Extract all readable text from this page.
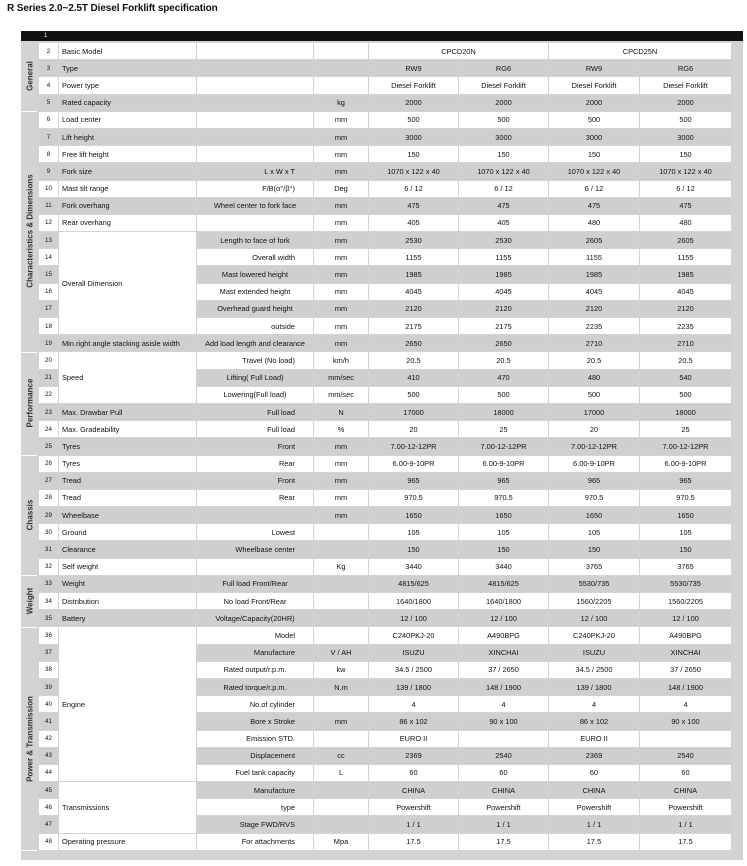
R Series 2.0~2.5T Diesel Forklift specification
1
General
Characteristics & Dimensions
Performance
Chassis
Weight
Power & Transmission
2	Basic Model			CPCD20N		CPCD25N	
3	Type			RW9	RG6	RW9	RG6
4	Power type			Diesel Forklift	Diesel Forklift	Diesel Forklift	Diesel Forklift
5	Rated capacity		kg	2000	2000	2000	2000
6	Load center		mm	500	500	500	500
7	Lift height		mm	3000	3000	3000	3000
8	Free lift height		mm	150	150	150	150
9	Fork size	L x W x T	mm	1070 x 122 x 40	1070 x 122 x 40	1070 x 122 x 40	1070 x 122 x 40
10	Mast tilt range	F/B(α°/β°)	Deg	6 / 12	6 / 12	6 / 12	6 / 12
11	Fork overhang	Wheel center to fork face	mm	475	475	475	475
12	Rear overhang		mm	405	405	480	480
13	Overall Dimension	Length to face of fork	mm	2530	2530	2605	2605
14		Overall width	mm	1155	1155	1155	1155
15		Mast lowered height	mm	1985	1985	1985	1985
16		Mast extended height	mm	4045	4045	4045	4045
17		Overhead guard height	mm	2120	2120	2120	2120
18		outside	mm	2175	2175	2235	2235
19	Min.right angle stacking asisle width	Add load length and clearance	mm	2650	2650	2710	2710
20	Speed	Travel (No load)	km/h	20.5	20.5	20.5	20.5
21		Lifting( Full Load)	mm/sec	410	470	480	540
22		Lowering(Full load)	mm/sec	500	500	500	500
23	Max. Drawbar Pull	Full load	N	17000	18000	17000	18000
24	Max. Gradeability	Full load	%	20	25	20	25
25	Tyres	Front	mm	7.00-12-12PR	7.00-12-12PR	7.00-12-12PR	7.00-12-12PR
26	Tyres	Rear	mm	6.00-9-10PR	6.00-9-10PR	6.00-9-10PR	6.00-9-10PR
27	Tread	Front	mm	965	965	965	965
28	Tread	Rear	mm	970.5	970.5	970.5	970.5
29	Wheelbase		mm	1650	1650	1650	1650
30	Ground	Lowest		105	105	105	105
31	Clearance	Wheelbase center		150	150	150	150
32	Self weight		Kg	3440	3440	3765	3765
33	Weight	Full load Front/Rear		4815/625	4815/625	5530/735	5530/735
34	Distribution	No load Front/Rear		1640/1800	1640/1800	1560/2205	1560/2205
35	Battery	Voltage/Capacity(20HR)		12 / 100	12 / 100	12 / 100	12 / 100
36	Engine	Model		C240PKJ-20	A490BPG	C240PKJ-20	A490BPG
37		Manufacture	V / AH	ISUZU	XINCHAI	ISUZU	XINCHAI
38		Rated output/r.p.m.	kw	34.5 / 2500	37 / 2650	34.5 / 2500	37 / 2650
39		Rated torque/r.p.m.	N.m	139 / 1800	148 / 1900	139 / 1800	148 / 1900
40		No.of cylinder		4	4	4	4
41		Bore x Stroke	mm	86 x 102	90 x 100	86 x 102	90 x 100
42		Emission STD.		EURO II		EURO II	
43		Displacement	cc	2369	2540	2369	2540
44		Fuel tank capacity	L	60	60	60	60
45	Transmissions	Manufacture		CHINA	CHINA	CHINA	CHINA
46		type		Powershift	Powershift	Powershift	Powershift
47		Stage FWD/RVS		1 / 1	1 / 1	1 / 1	1 / 1
48	Operating pressure	For attachments	Mpa	17.5	17.5	17.5	17.5
